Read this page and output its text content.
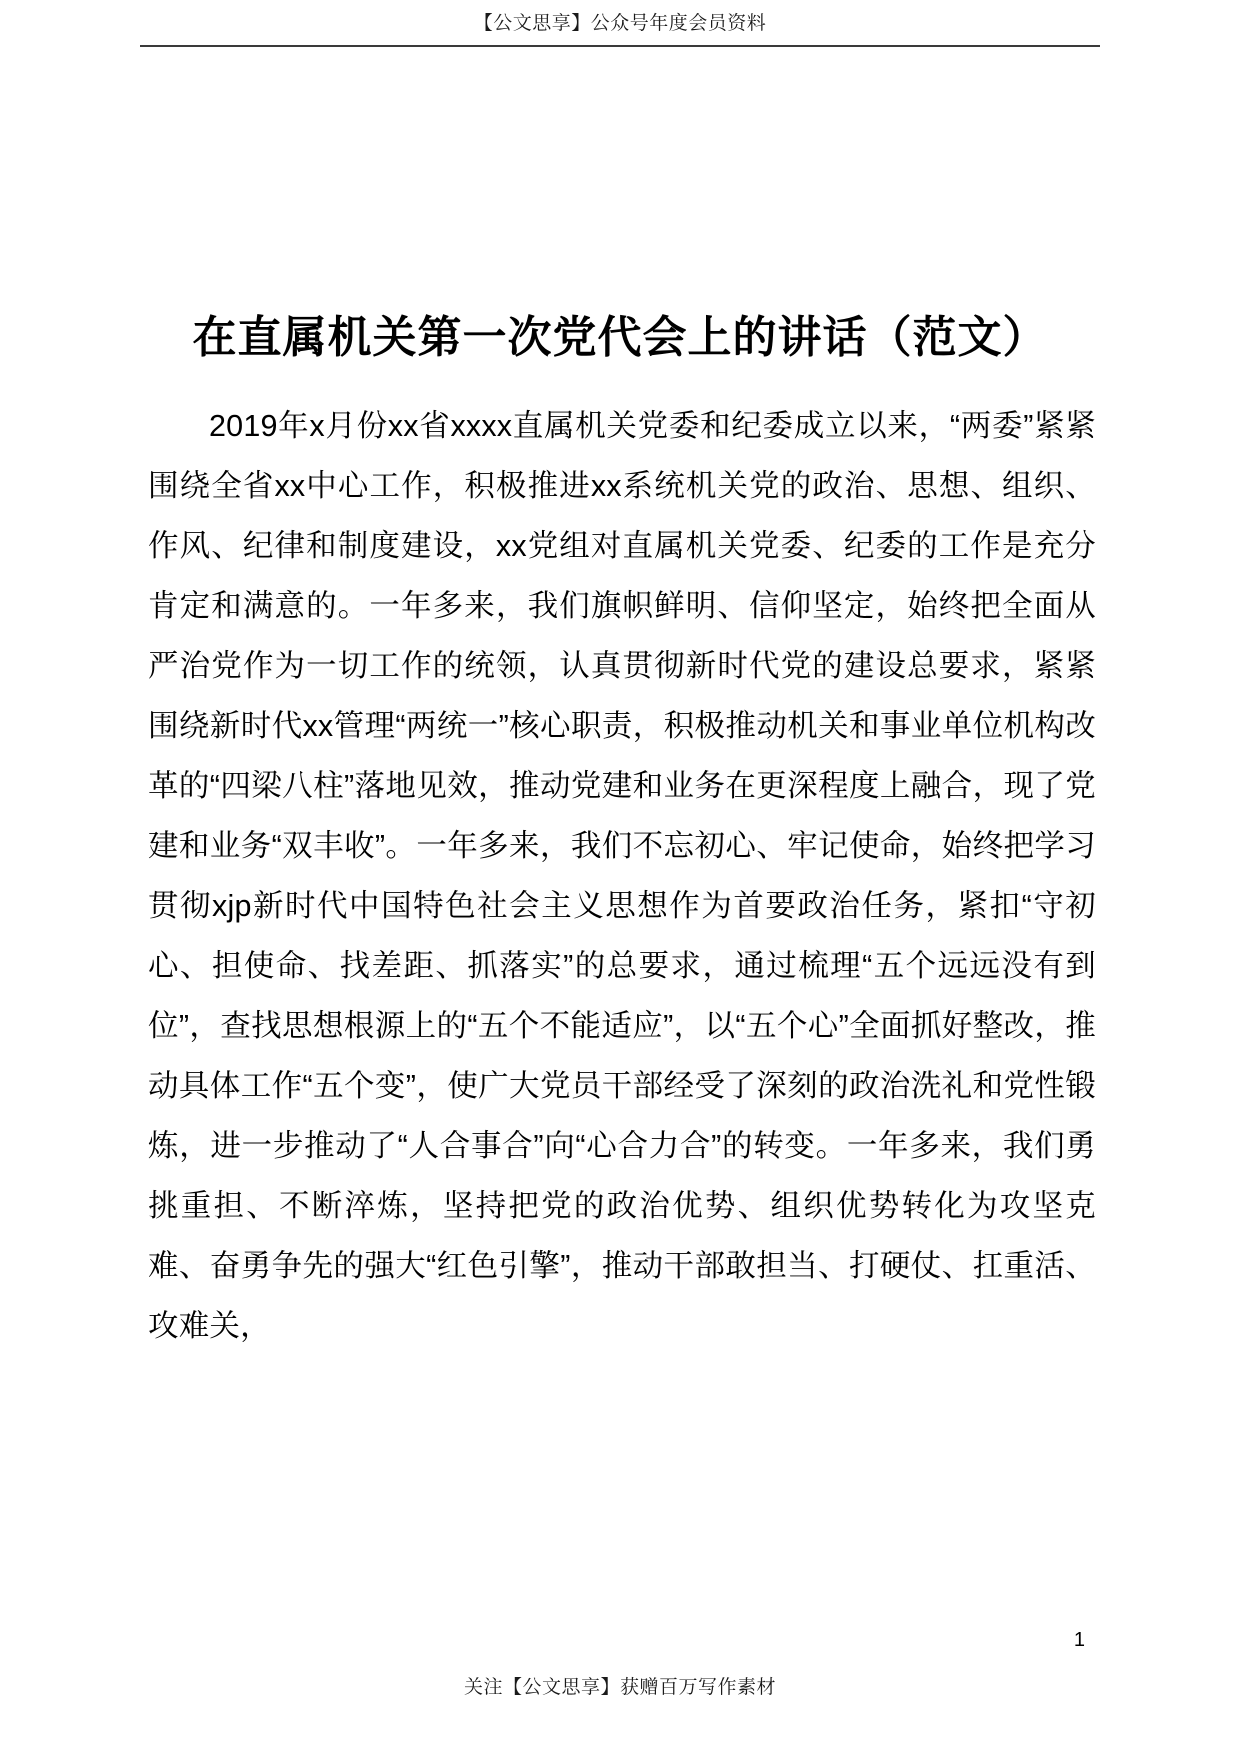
【公文思享】公众号年度会员资料
在直属机关第一次党代会上的讲话（范文）

2019年x月份xx省xxxx直属机关党委和纪委成立以来，“两委”紧紧围绕全省xx中心工作，积极推进xx系统机关党的政治、思想、组织、作风、纪律和制度建设，xx党组对直属机关党委、纪委的工作是充分肯定和满意的。一年多来，我们旗帜鲜明、信仰坚定，始终把全面从严治党作为一切工作的统领，认真贯彻新时代党的建设总要求，紧紧围绕新时代xx管理“两统一”核心职责，积极推动机关和事业单位机构改革的“四梁八柱”落地见效，推动党建和业务在更深程度上融合，现了党建和业务“双丰收”。一年多来，我们不忘初心、牢记使命，始终把学习贯彻xjp新时代中国特色社会主义思想作为首要政治任务，紧扣“守初心、担使命、找差距、抓落实”的总要求，通过梳理“五个远远没有到位”，查找思想根源上的“五个不能适应”，以“五个心”全面抓好整改，推动具体工作“五个变”，使广大党员干部经受了深刻的政治洗礼和党性锻炼，进一步推动了“人合事合”向“心合力合”的转变。一年多来，我们勇挑重担、不断淬炼，坚持把党的政治优势、组织优势转化为攻坚克难、奋勇争先的强大“红色引擎”，推动干部敢担当、打硬仗、扛重活、攻难关，

1
关注【公文思享】获赠百万写作素材
